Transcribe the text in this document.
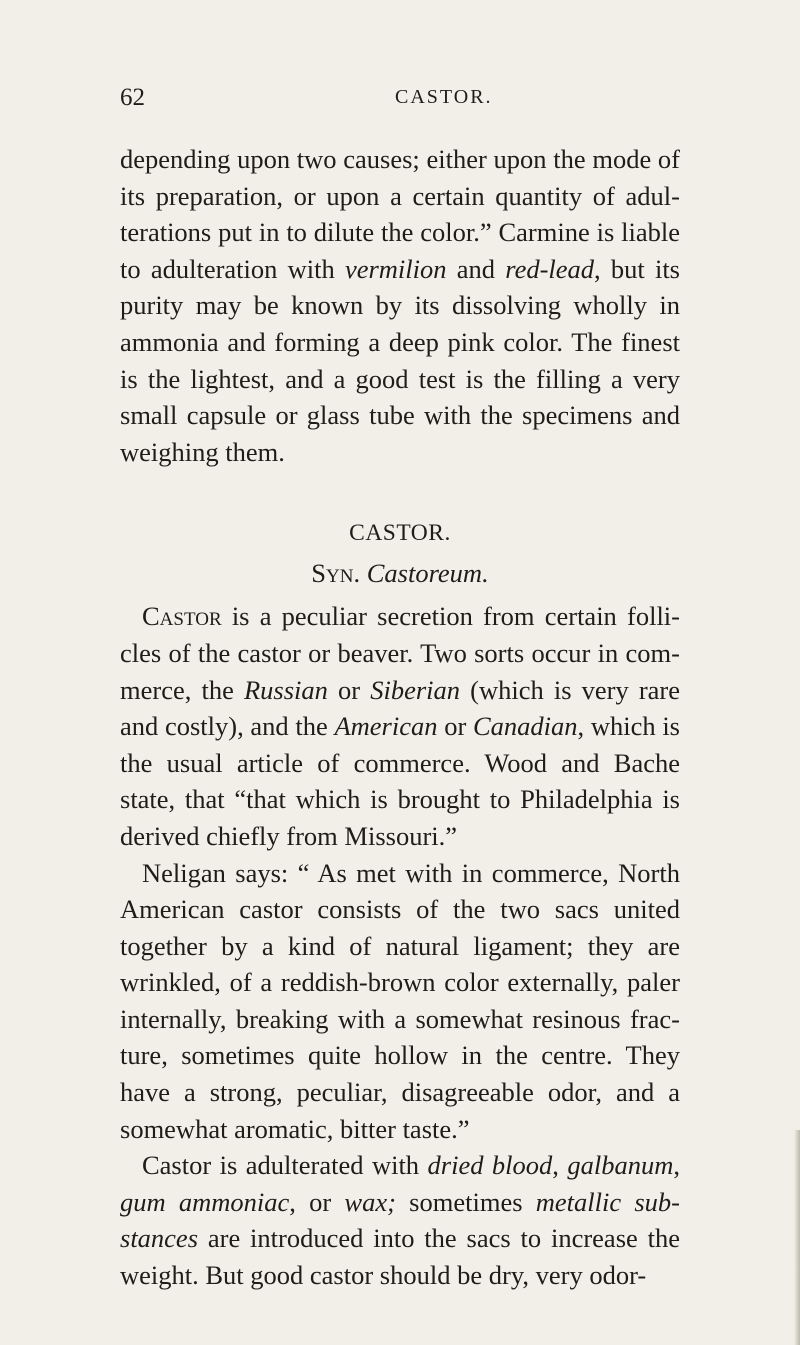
62	CASTOR.

depending upon two causes; either upon the mode of its preparation, or upon a certain quantity of adulterations put in to dilute the color.” Carmine is liable to adulteration with vermilion and red-lead, but its purity may be known by its dissolving wholly in ammonia and forming a deep pink color. The finest is the lightest, and a good test is the filling a very small capsule or glass tube with the specimens and weighing them.

CASTOR.
Syn. Castoreum.

Castor is a peculiar secretion from certain follicles of the castor or beaver. Two sorts occur in commerce, the Russian or Siberian (which is very rare and costly), and the American or Canadian, which is the usual article of commerce. Wood and Bache state, that “that which is brought to Philadelphia is derived chiefly from Missouri.”

Neligan says: “ As met with in commerce, North American castor consists of the two sacs united together by a kind of natural ligament; they are wrinkled, of a reddish-brown color externally, paler internally, breaking with a somewhat resinous fracture, sometimes quite hollow in the centre. They have a strong, peculiar, disagreeable odor, and a somewhat aromatic, bitter taste.”

Castor is adulterated with dried blood, galbanum, gum ammoniac, or wax; sometimes metallic substances are introduced into the sacs to increase the weight. But good castor should be dry, very odor-
